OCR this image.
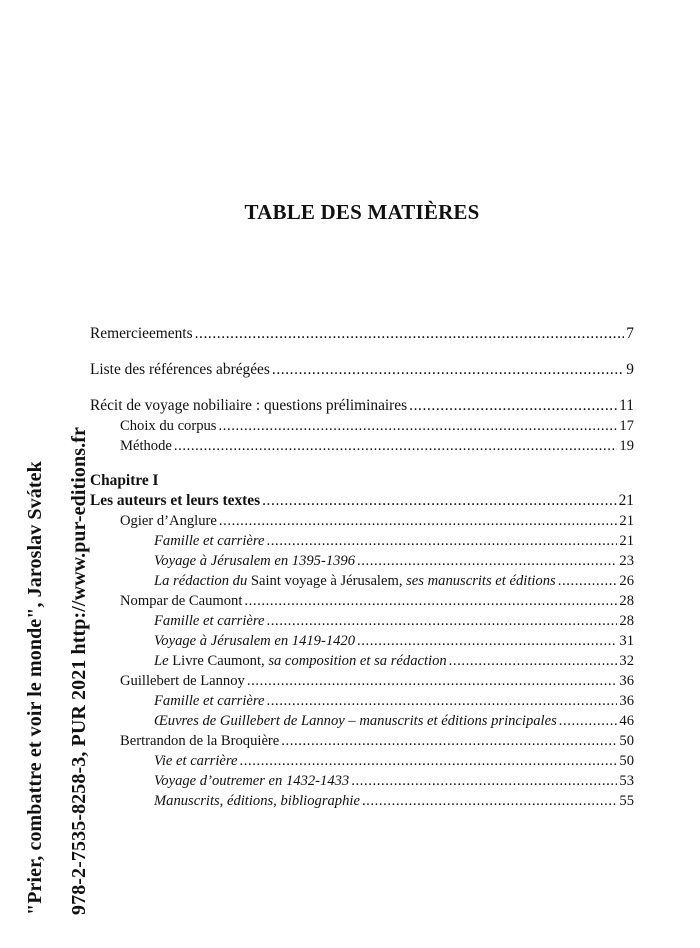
"Prier, combattre et voir le monde", Jaroslav Svátek 978-2-7535-8258-3, PUR 2021 http://www.pur-editions.fr
TABLE DES MATIÈRES
Remercieements .....	7
Liste des références abrégées .....	9
Récit de voyage nobiliaire : questions préliminaires .....	11
Choix du corpus .....	17
Méthode .....	19
Chapitre I
Les auteurs et leurs textes .....	21
Ogier d’Anglure .....	21
Famille et carrière .....	21
Voyage à Jérusalem en 1395-1396 .....	23
La rédaction du Saint voyage à Jérusalem, ses manuscrits et éditions .....	26
Nompar de Caumont .....	28
Famille et carrière .....	28
Voyage à Jérusalem en 1419-1420 .....	31
Le Livre Caumont, sa composition et sa rédaction .....	32
Guillebert de Lannoy .....	36
Famille et carrière .....	36
Œuvres de Guillebert de Lannoy – manuscrits et éditions principales .....	46
Bertrandon de la Broquière .....	50
Vie et carrière .....	50
Voyage d’outremer en 1432-1433 .....	53
Manuscrits, éditions, bibliographie .....	55
